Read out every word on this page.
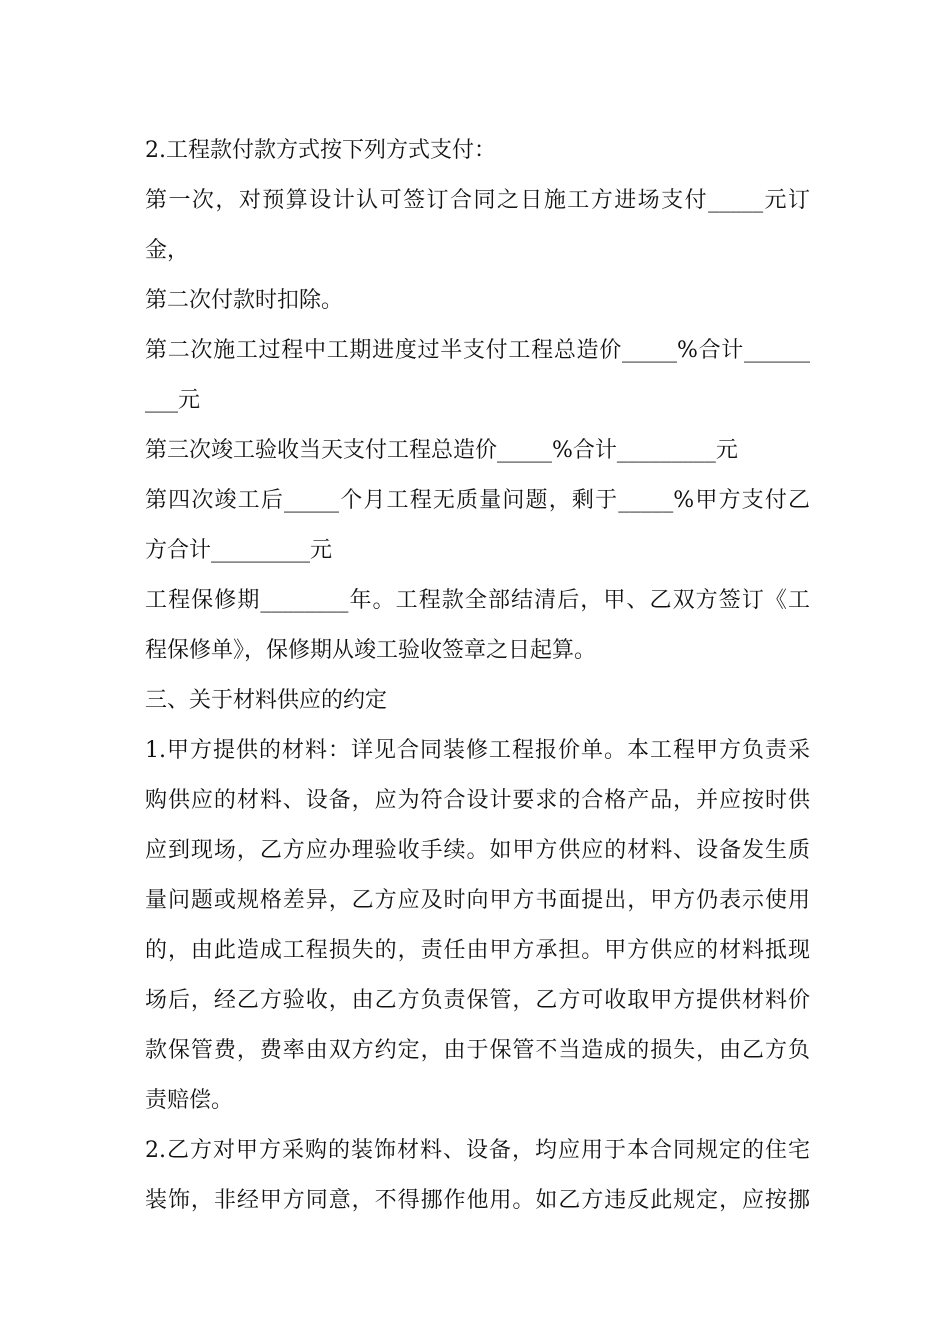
2.工程款付款方式按下列方式支付：
第一次，对预算设计认可签订合同之日施工方进场支付_____元订
金，
第二次付款时扣除。
第二次施工过程中工期进度过半支付工程总造价_____%合计______
___元
第三次竣工验收当天支付工程总造价_____%合计_________元
第四次竣工后_____个月工程无质量问题，剩于_____%甲方支付乙
方合计_________元
工程保修期________年。工程款全部结清后，甲、乙双方签订《工
程保修单》，保修期从竣工验收签章之日起算。
三、关于材料供应的约定
1.甲方提供的材料：详见合同装修工程报价单。本工程甲方负责采
购供应的材料、设备，应为符合设计要求的合格产品，并应按时供
应到现场，乙方应办理验收手续。如甲方供应的材料、设备发生质
量问题或规格差异，乙方应及时向甲方书面提出，甲方仍表示使用
的，由此造成工程损失的，责任由甲方承担。甲方供应的材料抵现
场后，经乙方验收，由乙方负责保管，乙方可收取甲方提供材料价
款保管费，费率由双方约定，由于保管不当造成的损失，由乙方负
责赔偿。
2.乙方对甲方采购的装饰材料、设备，均应用于本合同规定的住宅
装饰，非经甲方同意，不得挪作他用。如乙方违反此规定，应按挪
